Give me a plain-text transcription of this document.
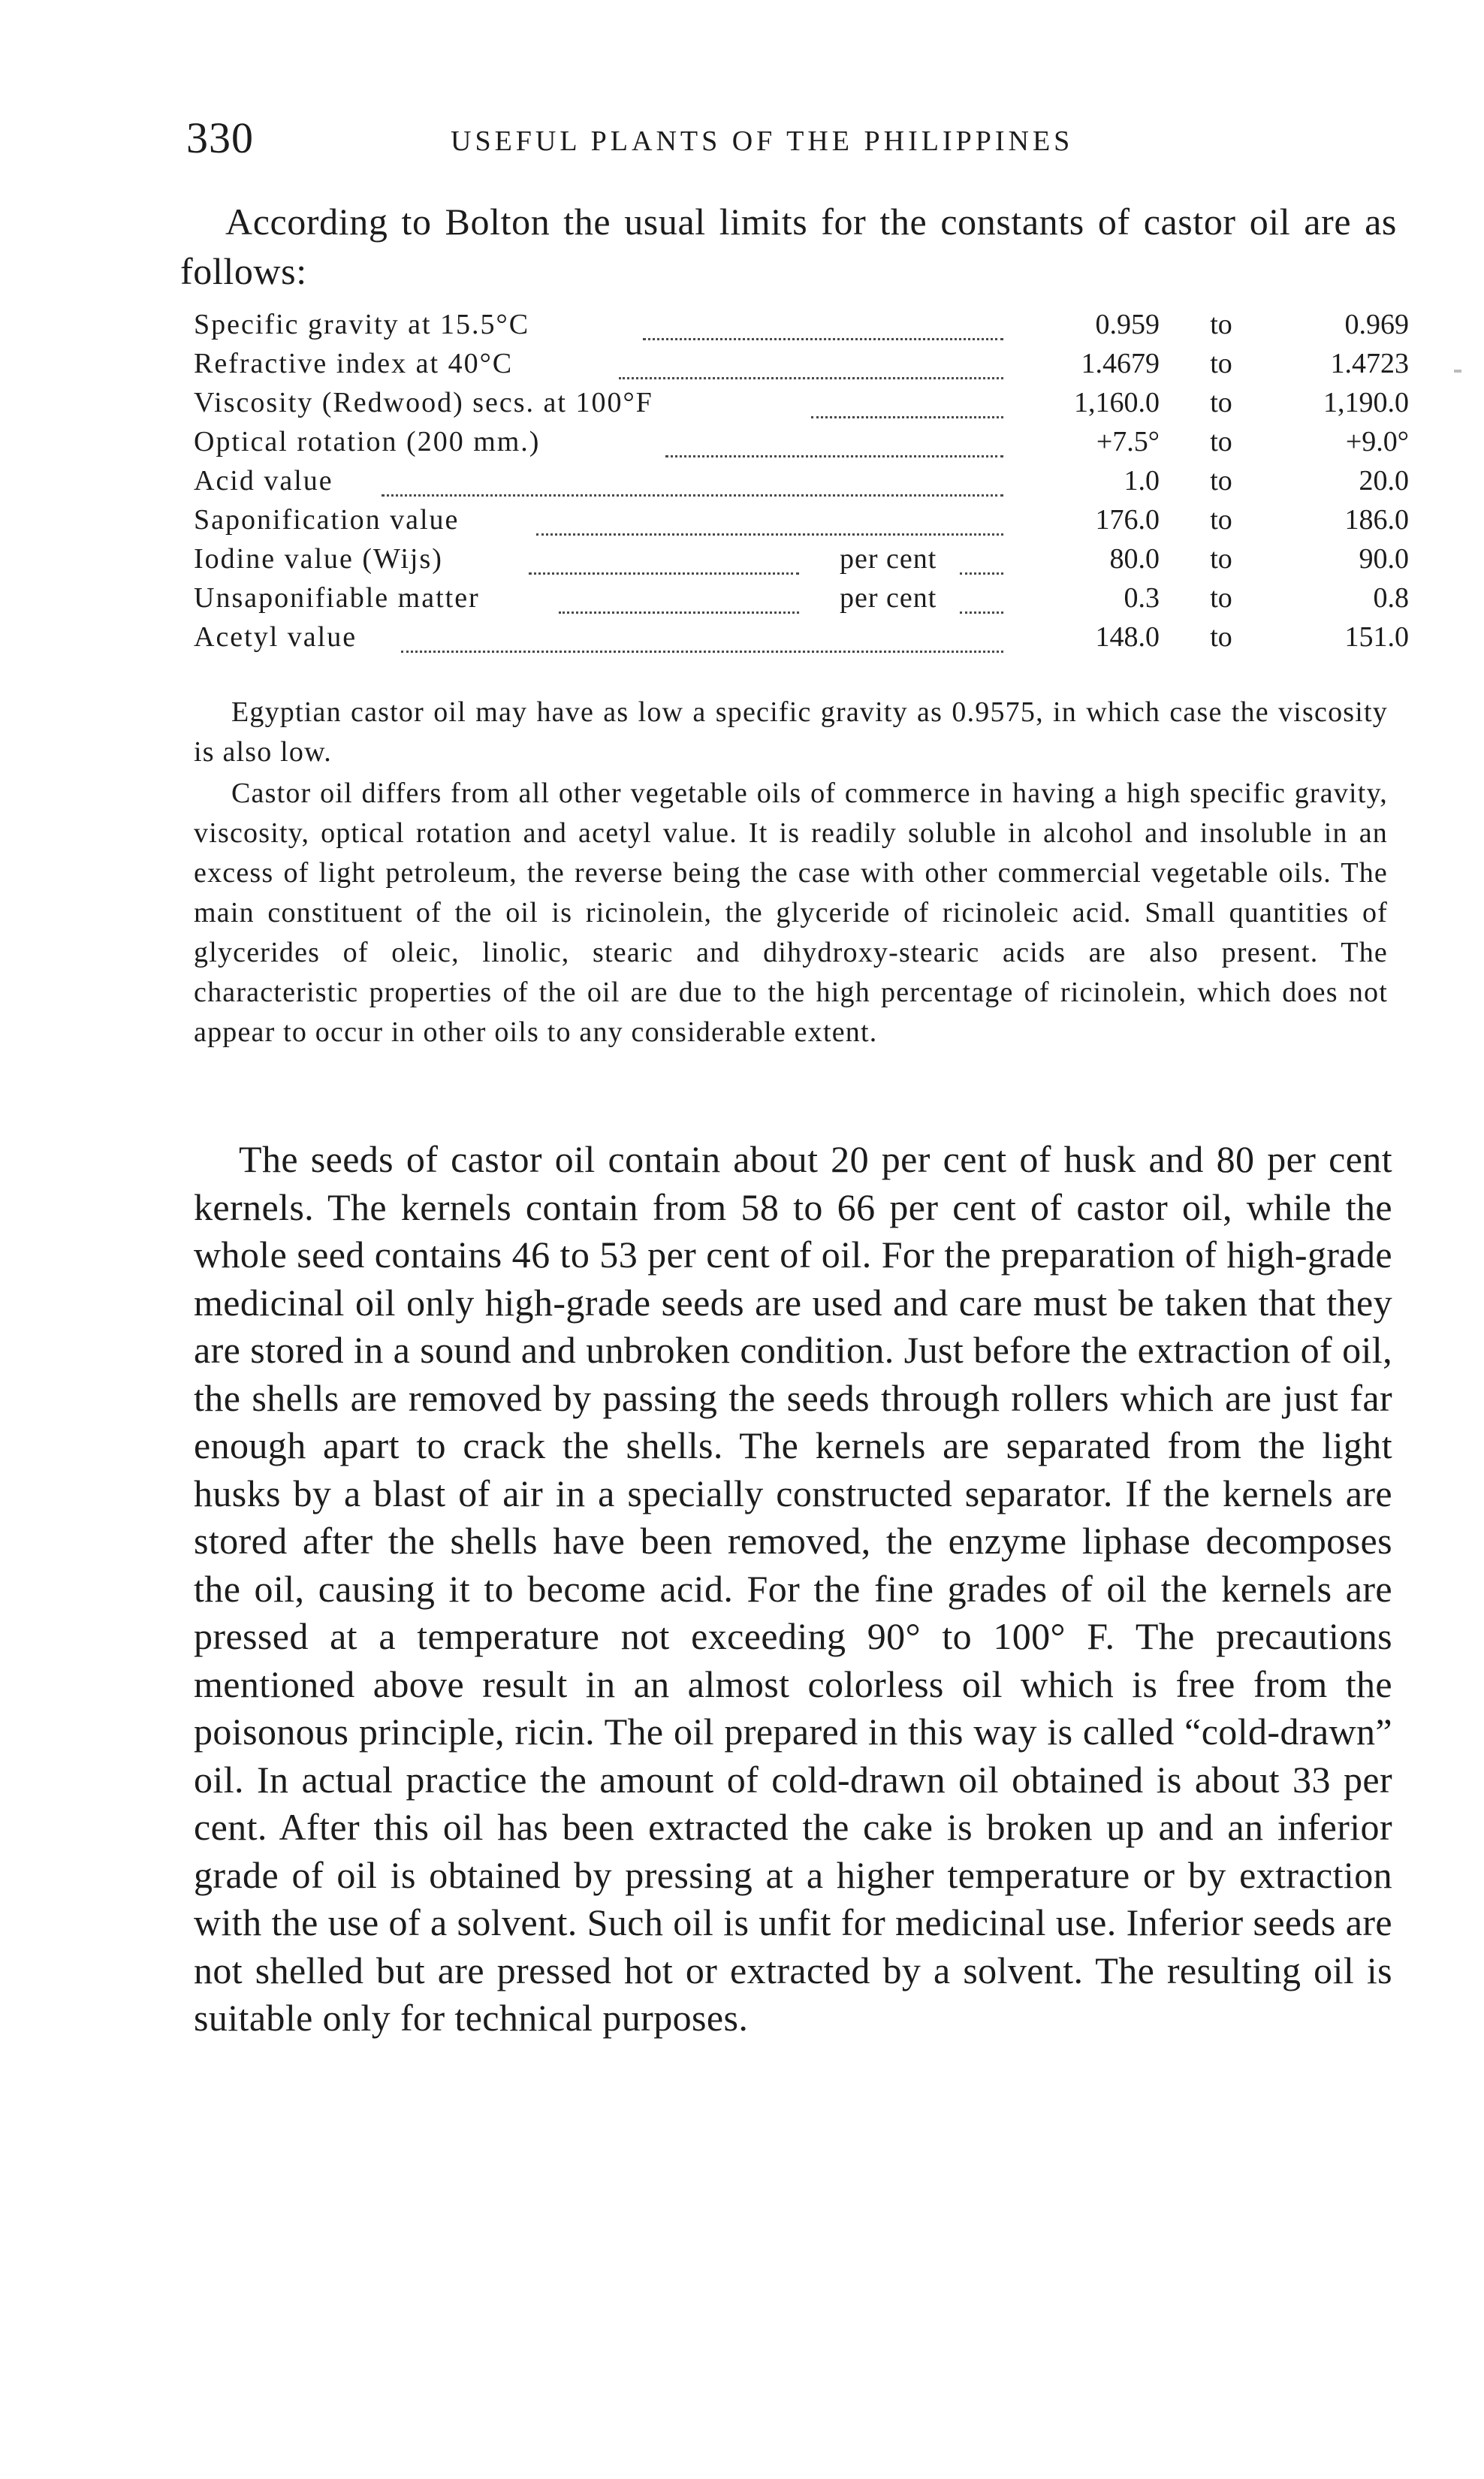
330	USEFUL PLANTS OF THE PHILIPPINES

According to Bolton the usual limits for the constants of castor oil are as follows:

Specific gravity at 15.5°C	0.959	to	0.969
Refractive index at 40°C	1.4679	to	1.4723
Viscosity (Redwood) secs. at 100°F	1,160.0	to	1,190.0
Optical rotation (200 mm.)	+7.5°	to	+9.0°
Acid value	1.0	to	20.0
Saponification value	176.0	to	186.0
Iodine value (Wijs)	per cent	80.0	to	90.0
Unsaponifiable matter	per cent	0.3	to	0.8
Acetyl value	148.0	to	151.0

Egyptian castor oil may have as low a specific gravity as 0.9575, in which case the viscosity is also low.

Castor oil differs from all other vegetable oils of commerce in having a high specific gravity, viscosity, optical rotation and acetyl value. It is readily soluble in alcohol and insoluble in an excess of light petroleum, the reverse being the case with other commercial vegetable oils. The main constituent of the oil is ricinolein, the glyceride of ricinoleic acid. Small quantities of glycerides of oleic, linolic, stearic and dihydroxy-stearic acids are also present. The characteristic properties of the oil are due to the high percentage of ricinolein, which does not appear to occur in other oils to any considerable extent.

The seeds of castor oil contain about 20 per cent of husk and 80 per cent kernels. The kernels contain from 58 to 66 per cent of castor oil, while the whole seed contains 46 to 53 per cent of oil. For the preparation of high-grade medicinal oil only high-grade seeds are used and care must be taken that they are stored in a sound and unbroken condition. Just before the extraction of oil, the shells are removed by passing the seeds through rollers which are just far enough apart to crack the shells. The kernels are separated from the light husks by a blast of air in a specially constructed separator. If the kernels are stored after the shells have been removed, the enzyme liphase decomposes the oil, causing it to become acid. For the fine grades of oil the kernels are pressed at a temperature not exceeding 90° to 100° F. The precautions mentioned above result in an almost colorless oil which is free from the poisonous principle, ricin. The oil prepared in this way is called “cold-drawn” oil. In actual practice the amount of cold-drawn oil obtained is about 33 per cent. After this oil has been extracted the cake is broken up and an inferior grade of oil is obtained by pressing at a higher temperature or by extraction with the use of a solvent. Such oil is unfit for medicinal use. Inferior seeds are not shelled but are pressed hot or extracted by a solvent. The resulting oil is suitable only for technical purposes.
